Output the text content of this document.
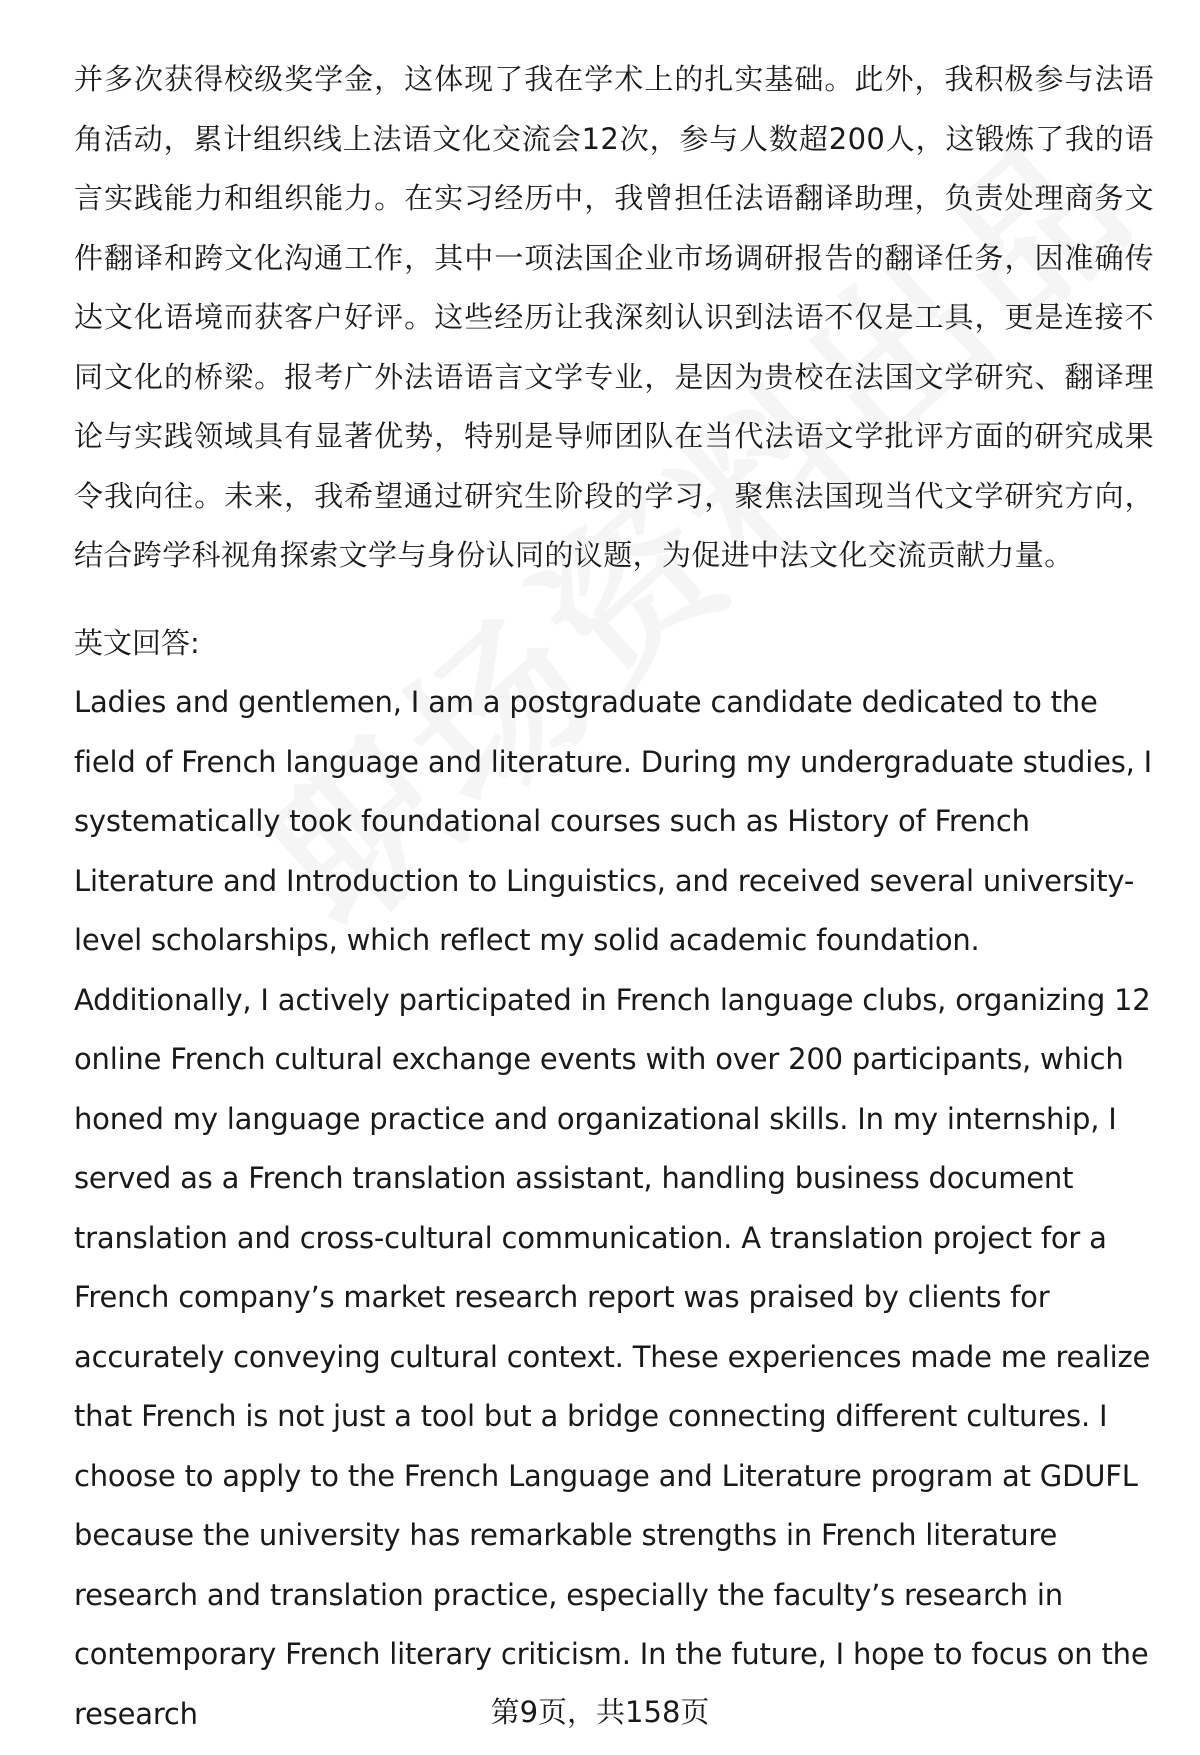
并多次获得校级奖学金，这体现了我在学术上的扎实基础。此外，我积极参与法语角活动，累计组织线上法语文化交流会12次，参与人数超200人，这锻炼了我的语言实践能力和组织能力。在实习经历中，我曾担任法语翻译助理，负责处理商务文件翻译和跨文化沟通工作，其中一项法国企业市场调研报告的翻译任务，因准确传达文化语境而获客户好评。这些经历让我深刻认识到法语不仅是工具，更是连接不同文化的桥梁。报考广外法语语言文学专业，是因为贵校在法国文学研究、翻译理论与实践领域具有显著优势，特别是导师团队在当代法语文学批评方面的研究成果令我向往。未来，我希望通过研究生阶段的学习，聚焦法国现当代文学研究方向，结合跨学科视角探索文学与身份认同的议题，为促进中法文化交流贡献力量。

英文回答:

Ladies and gentlemen, I am a postgraduate candidate dedicated to the field of French language and literature. During my undergraduate studies, I systematically took foundational courses such as History of French Literature and Introduction to Linguistics, and received several university-level scholarships, which reflect my solid academic foundation. Additionally, I actively participated in French language clubs, organizing 12 online French cultural exchange events with over 200 participants, which honed my language practice and organizational skills. In my internship, I served as a French translation assistant, handling business document translation and cross-cultural communication. A translation project for a French company’s market research report was praised by clients for accurately conveying cultural context. These experiences made me realize that French is not just a tool but a bridge connecting different cultures. I choose to apply to the French Language and Literature program at GDUFL because the university has remarkable strengths in French literature research and translation practice, especially the faculty’s research in contemporary French literary criticism. In the future, I hope to focus on the research	第9页，共158页
